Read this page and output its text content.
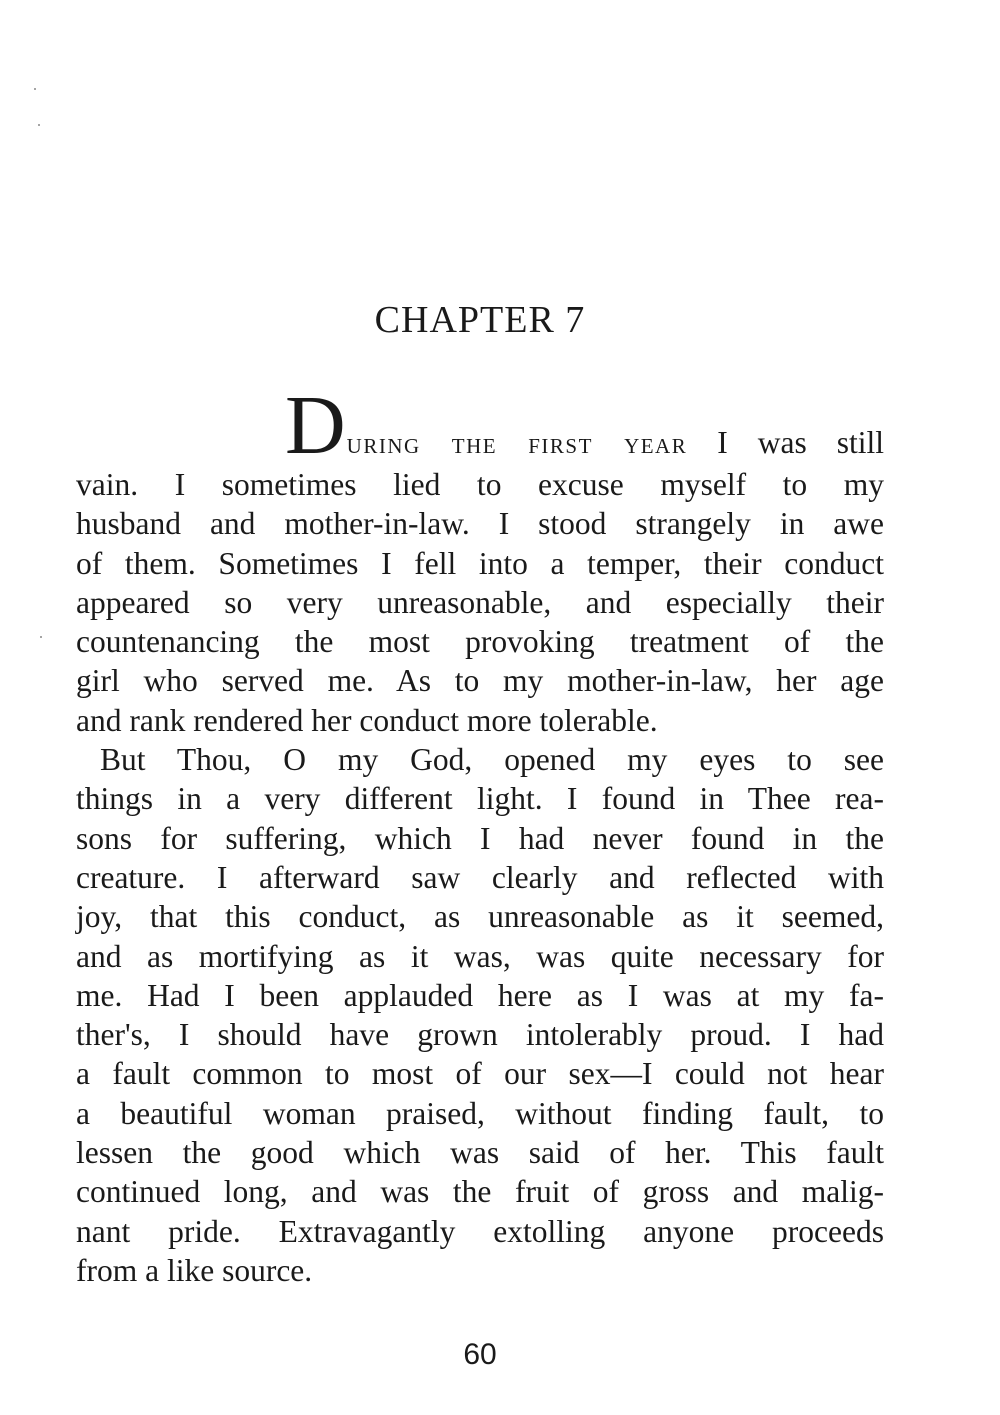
CHAPTER 7
During the first year I was still
vain. I sometimes lied to excuse myself to my
husband and mother-in-law. I stood strangely in awe
of them. Sometimes I fell into a temper, their conduct
appeared so very unreasonable, and especially their
countenancing the most provoking treatment of the
girl who served me. As to my mother-in-law, her age
and rank rendered her conduct more tolerable.
But Thou, O my God, opened my eyes to see
things in a very different light. I found in Thee rea-
sons for suffering, which I had never found in the
creature. I afterward saw clearly and reflected with
joy, that this conduct, as unreasonable as it seemed,
and as mortifying as it was, was quite necessary for
me. Had I been applauded here as I was at my fa-
ther's, I should have grown intolerably proud. I had
a fault common to most of our sex—I could not hear
a beautiful woman praised, without finding fault, to
lessen the good which was said of her. This fault
continued long, and was the fruit of gross and malig-
nant pride. Extravagantly extolling anyone proceeds
from a like source.
60
